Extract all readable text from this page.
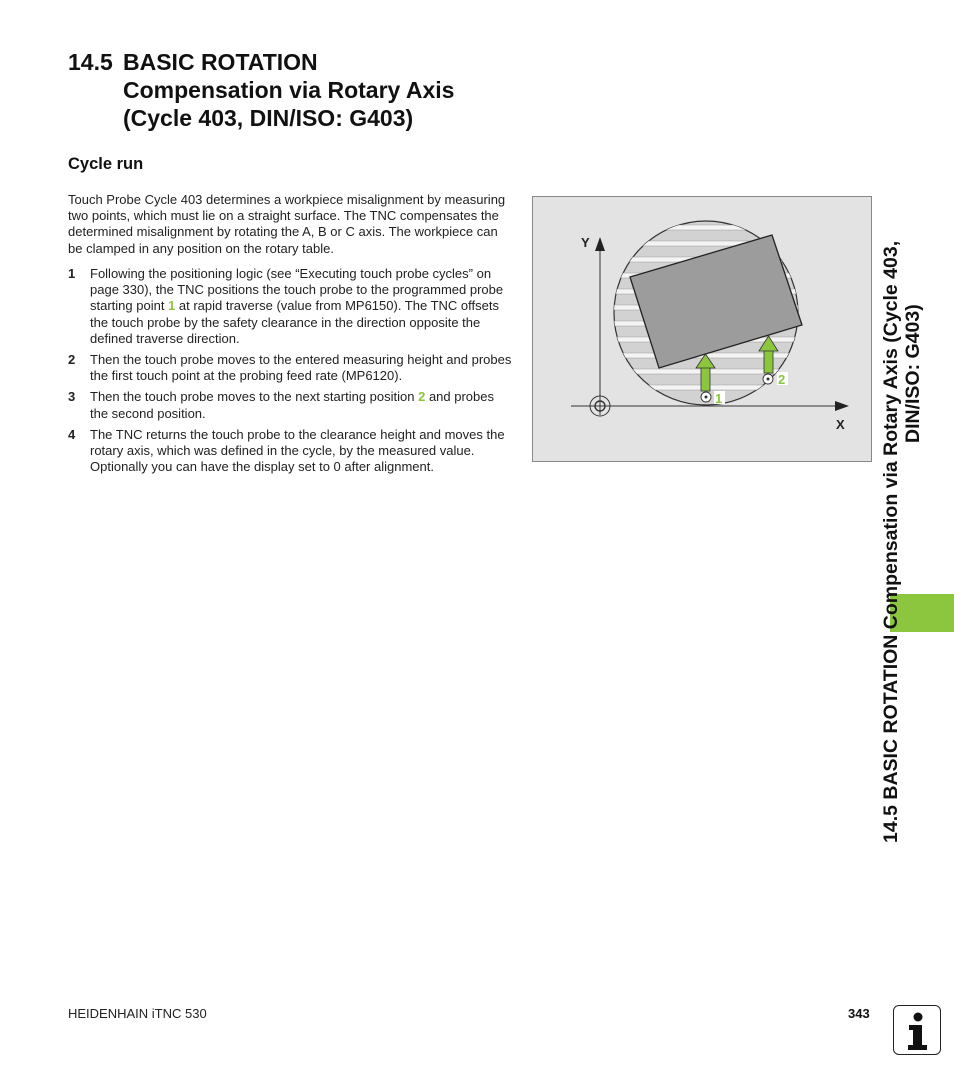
14.5 BASIC ROTATION
Compensation via Rotary Axis
(Cycle 403, DIN/ISO: G403)
Cycle run
Touch Probe Cycle 403 determines a workpiece misalignment by measuring two points, which must lie on a straight surface. The TNC compensates the determined misalignment by rotating the A, B or C axis. The workpiece can be clamped in any position on the rotary table.
1 Following the positioning logic (see “Executing touch probe cycles” on page 330), the TNC positions the touch probe to the programmed probe starting point 1 at rapid traverse (value from MP6150). The TNC offsets the touch probe by the safety clearance in the direction opposite the defined traverse direction.
2 Then the touch probe moves to the entered measuring height and probes the first touch point at the probing feed rate (MP6120).
3 Then the touch probe moves to the next starting position 2 and probes the second position.
4 The TNC returns the touch probe to the clearance height and moves the rotary axis, which was defined in the cycle, by the measured value. Optionally you can have the display set to 0 after alignment.
Y
X
1
2	14.5 BASIC ROTATION Compensation via Rotary Axis (Cycle 403, DIN/ISO: G403)
HEIDENHAIN iTNC 530	343
